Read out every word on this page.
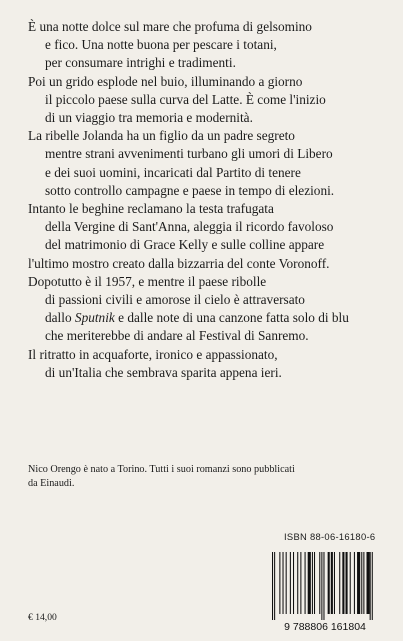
È una notte dolce sul mare che profuma di gelsomino
e fico. Una notte buona per pescare i totani,
per consumare intrighi e tradimenti.
Poi un grido esplode nel buio, illuminando a giorno
il piccolo paese sulla curva del Latte. È come l'inizio
di un viaggio tra memoria e modernità.
La ribelle Jolanda ha un figlio da un padre segreto
mentre strani avvenimenti turbano gli umori di Libero
e dei suoi uomini, incaricati dal Partito di tenere
sotto controllo campagne e paese in tempo di elezioni.
Intanto le beghine reclamano la testa trafugata
della Vergine di Sant'Anna, aleggia il ricordo favoloso
del matrimonio di Grace Kelly e sulle colline appare
l'ultimo mostro creato dalla bizzarria del conte Voronoff.
Dopotutto è il 1957, e mentre il paese ribolle
di passioni civili e amorose il cielo è attraversato
dallo Sputnik e dalle note di una canzone fatta solo di blu
che meriterebbe di andare al Festival di Sanremo.
Il ritratto in acquaforte, ironico e appassionato,
di un'Italia che sembrava sparita appena ieri.
Nico Orengo è nato a Torino. Tutti i suoi romanzi sono pubblicati
da Einaudi.
ISBN 88-06-16180-6
9 788806 161804
€ 14,00
